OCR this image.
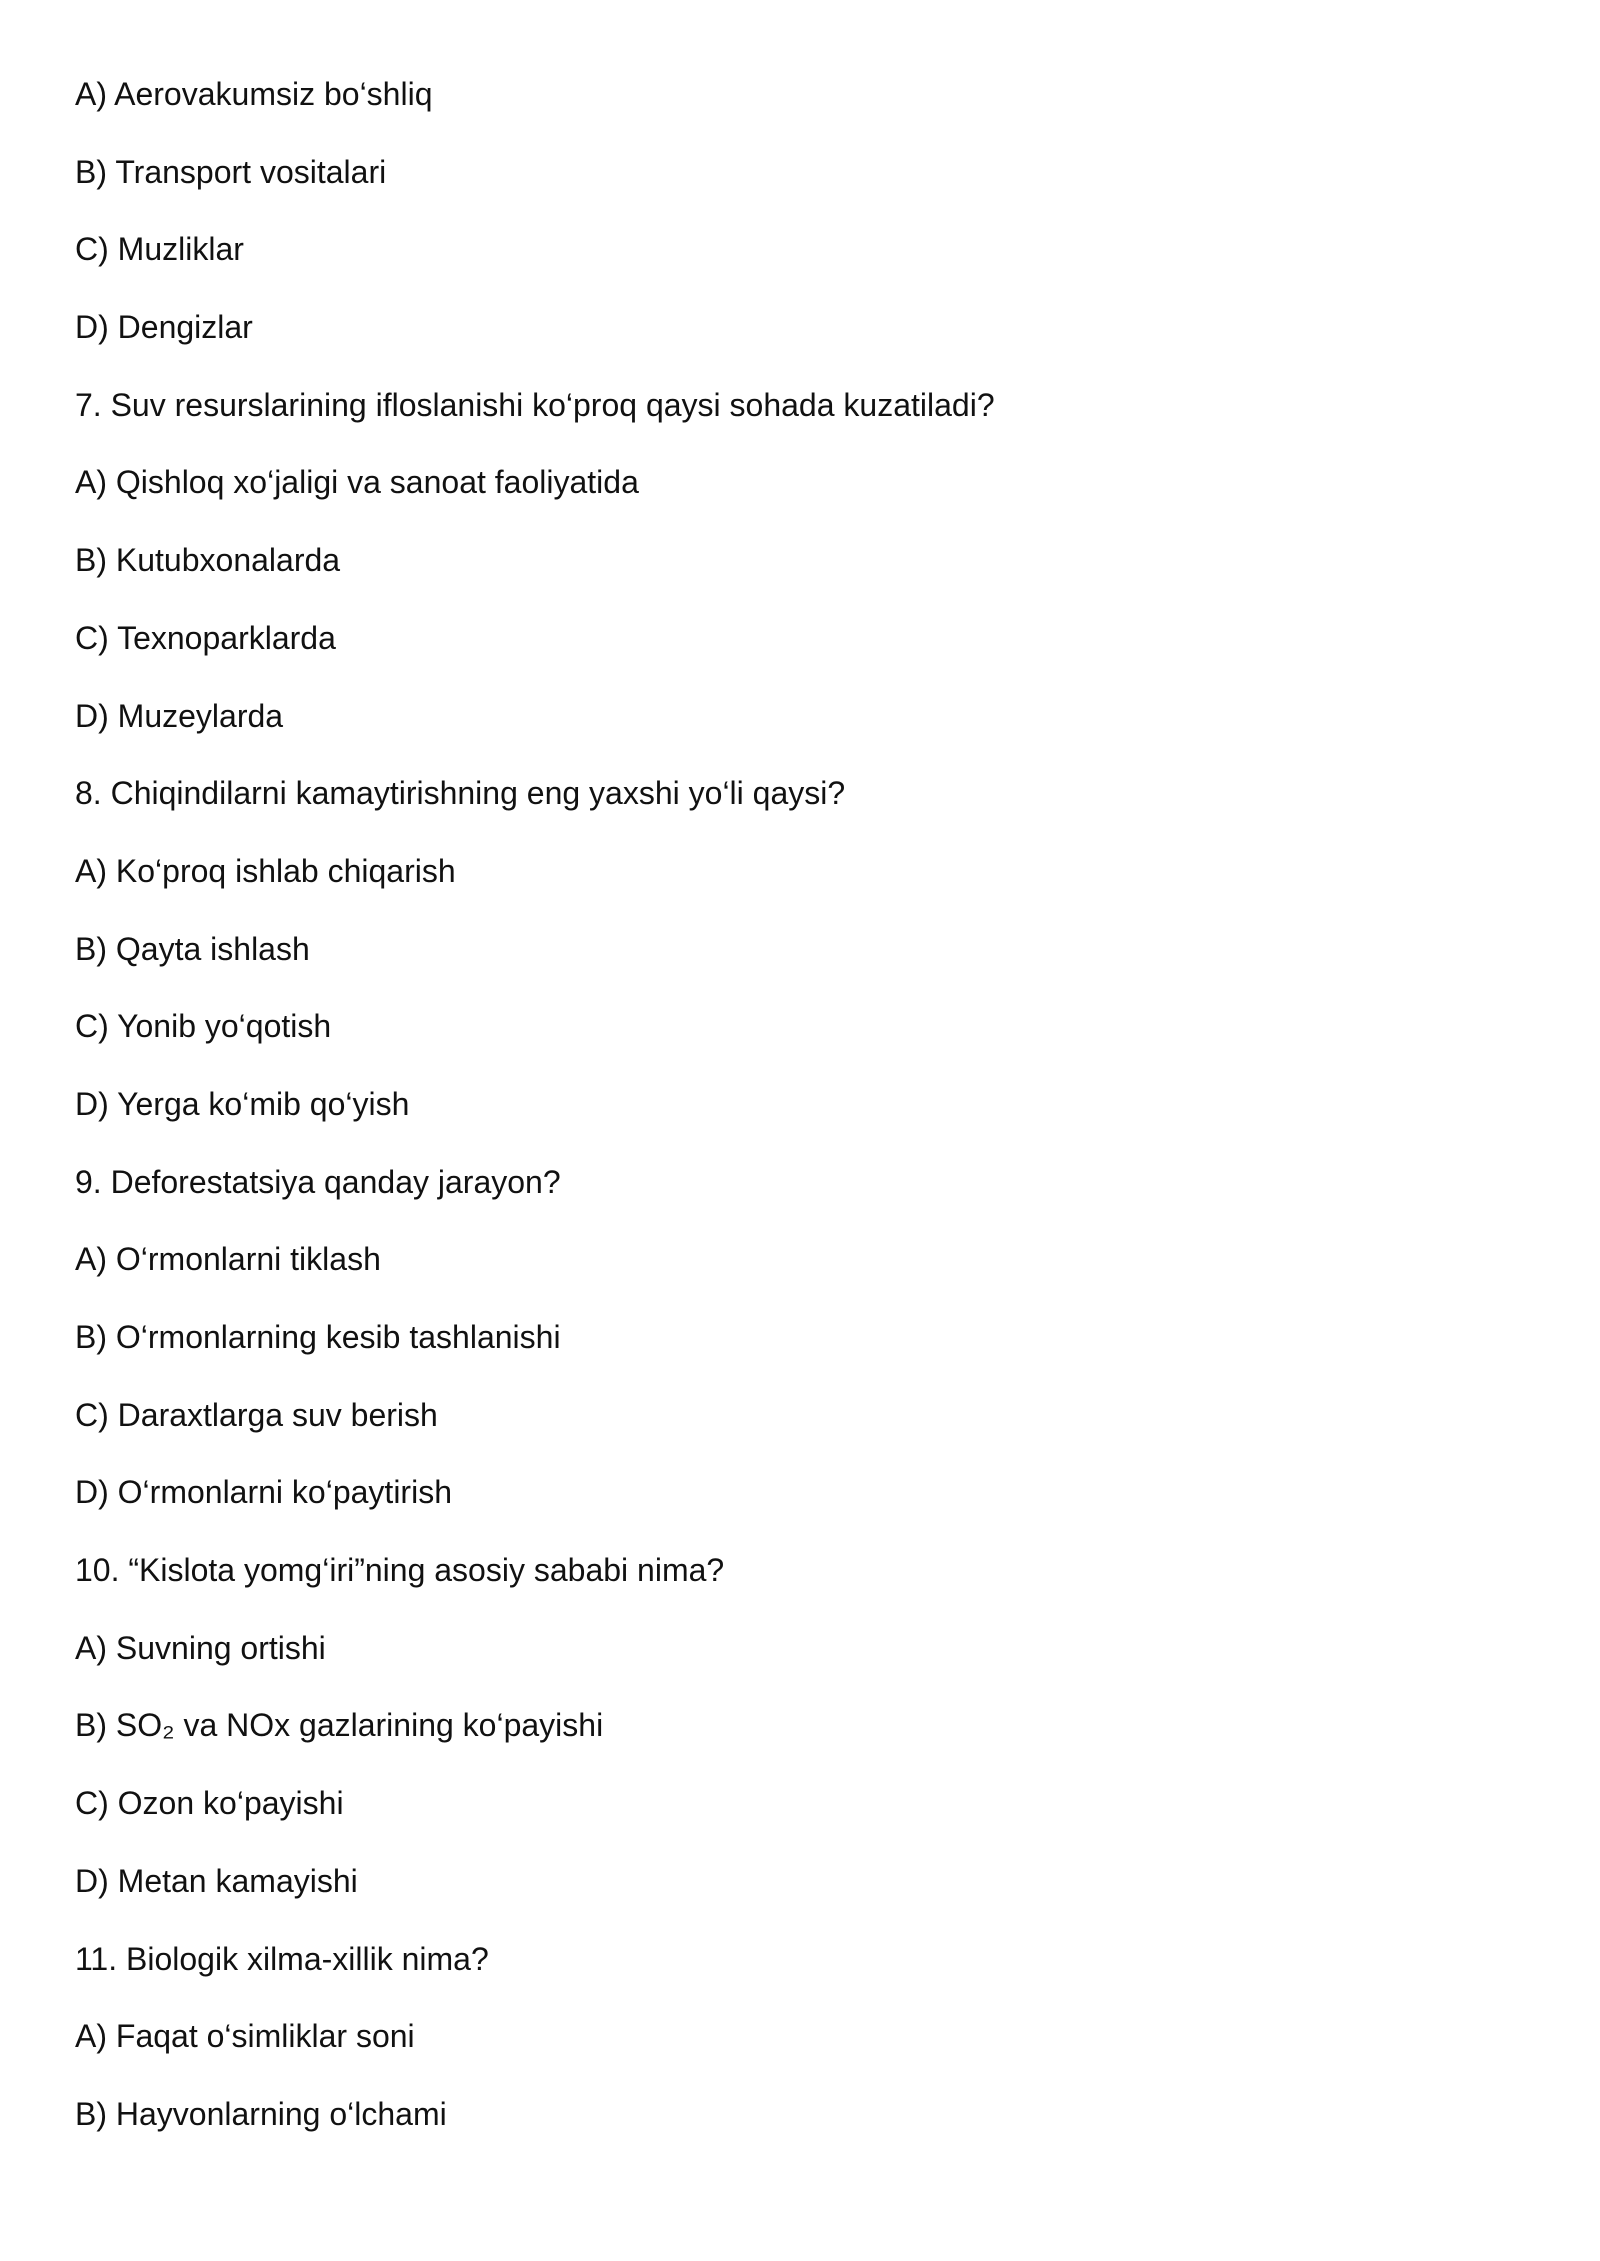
A) Aerovakumsiz bo‘shliq
B) Transport vositalari
C) Muzliklar
D) Dengizlar
7. Suv resurslarining ifloslanishi ko‘proq qaysi sohada kuzatiladi?
A) Qishloq xo‘jaligi va sanoat faoliyatida
B) Kutubxonalarda
C) Texnoparklarda
D) Muzeylarda
8. Chiqindilarni kamaytirishning eng yaxshi yo‘li qaysi?
A) Ko‘proq ishlab chiqarish
B) Qayta ishlash
C) Yonib yo‘qotish
D) Yerga ko‘mib qo‘yish
9. Deforestatsiya qanday jarayon?
A) O‘rmonlarni tiklash
B) O‘rmonlarning kesib tashlanishi
C) Daraxtlarga suv berish
D) O‘rmonlarni ko‘paytirish
10. “Kislota yomg‘iri”ning asosiy sababi nima?
A) Suvning ortishi
B) SO₂ va NOx gazlarining ko‘payishi
C) Ozon ko‘payishi
D) Metan kamayishi
11. Biologik xilma-xillik nima?
A) Faqat o‘simliklar soni
B) Hayvonlarning o‘lchami
